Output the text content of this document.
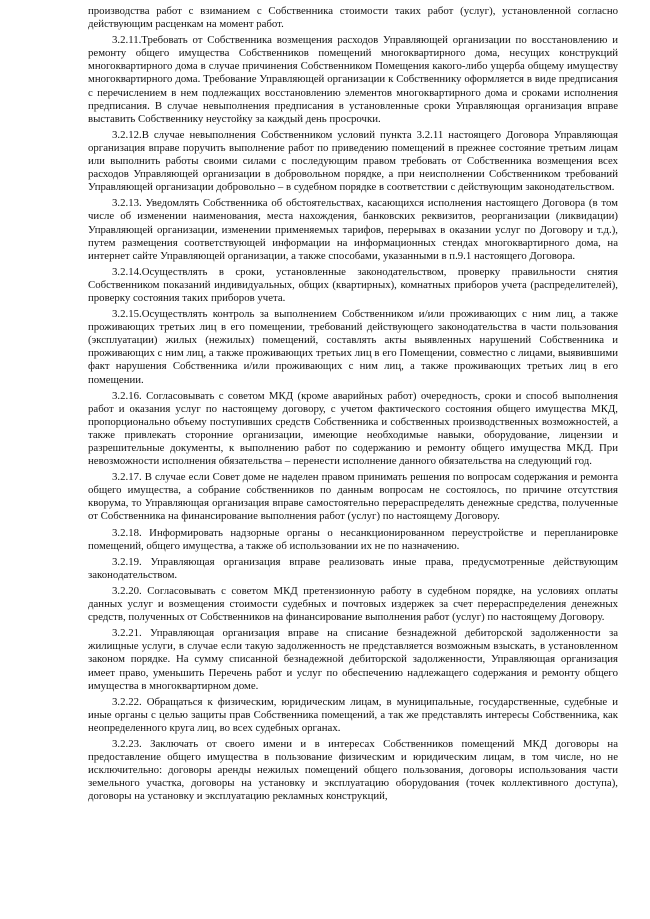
производства работ с взиманием с Собственника стоимости таких работ (услуг), установленной согласно действующим расценкам на момент работ.

3.2.11.Требовать от Собственника возмещения расходов Управляющей организации по восстановлению и ремонту общего имущества Собственников помещений многоквартирного дома, несущих конструкций многоквартирного дома в случае причинения Собственником Помещения какого-либо ущерба общему имуществу многоквартирного дома. Требование Управляющей организации к Собственнику оформляется в виде предписания с перечислением в нем подлежащих восстановлению элементов многоквартирного дома и сроками исполнения предписания. В случае невыполнения предписания в установленные сроки Управляющая организация вправе выставить Собственнику неустойку за каждый день просрочки.

3.2.12.В случае невыполнения Собственником условий пункта 3.2.11 настоящего Договора Управляющая организация вправе поручить выполнение работ по приведению помещений в прежнее состояние третьим лицам или выполнить работы своими силами с последующим правом требовать от Собственника возмещения всех расходов Управляющей организации в добровольном порядке, а при неисполнении Собственником требований Управляющей организации добровольно – в судебном порядке в соответствии с действующим законодательством.

3.2.13. Уведомлять Собственника об обстоятельствах, касающихся исполнения настоящего Договора (в том числе об изменении наименования, места нахождения, банковских реквизитов, реорганизации (ликвидации) Управляющей организации, изменении применяемых тарифов, перерывах в оказании услуг по Договору и т.д.), путем размещения соответствующей информации на информационных стендах многоквартирного дома, на интернет сайте Управляющей организации, а также способами, указанными в п.9.1 настоящего Договора.

3.2.14.Осуществлять в сроки, установленные законодательством, проверку правильности снятия Собственником показаний индивидуальных, общих (квартирных), комнатных приборов учета (распределителей), проверку состояния таких приборов учета.

3.2.15.Осуществлять контроль за выполнением Собственником и/или проживающих с ним лиц, а также проживающих третьих лиц в его помещении, требований действующего законодательства в части пользования (эксплуатации) жилых (нежилых) помещений, составлять акты выявленных нарушений Собственника и проживающих с ним лиц, а также проживающих третьих лиц в его Помещении, совместно с лицами, выявившими факт нарушения Собственника и/или проживающих с ним лиц, а также проживающих третьих лиц в его помещении.

3.2.16. Согласовывать с советом МКД (кроме аварийных работ) очередность, сроки и способ выполнения работ и оказания услуг по настоящему договору, с учетом фактического состояния общего имущества МКД, пропорционально объему поступивших средств Собственника и собственных производственных возможностей, а также привлекать сторонние организации, имеющие необходимые навыки, оборудование, лицензии и разрешительные документы, к выполнению работ по содержанию и ремонту общего имущества МКД. При невозможности исполнения обязательства – перенести исполнение данного обязательства на следующий год.

3.2.17. В случае если Совет доме не наделен правом принимать решения по вопросам содержания и ремонта общего имущества, а собрание собственников по данным вопросам не состоялось, по причине отсутствия кворума, то Управляющая организация вправе самостоятельно перераспределять денежные средства, полученные от Собственника на финансирование выполнения работ (услуг) по настоящему Договору.

3.2.18. Информировать надзорные органы о несанкционированном переустройстве и перепланировке помещений, общего имущества, а также об использовании их не по назначению.

3.2.19. Управляющая организация вправе реализовать иные права, предусмотренные действующим законодательством.

3.2.20. Согласовывать с советом МКД претензионную работу в судебном порядке, на условиях оплаты данных услуг и возмещения стоимости судебных и почтовых издержек за счет перераспределения денежных средств, полученных от Собственников на финансирование выполнения работ (услуг) по настоящему Договору.

3.2.21. Управляющая организация вправе на списание безнадежной дебиторской задолженности за жилищные услуги, в случае если такую задолженность не представляется возможным взыскать, в установленном законом порядке. На сумму списанной безнадежной дебиторской задолженности, Управляющая организация имеет право, уменьшить Перечень работ и услуг по обеспечению надлежащего содержания и ремонту общего имущества в многоквартирном доме.

3.2.22. Обращаться к физическим, юридическим лицам, в муниципальные, государственные, судебные и иные органы с целью защиты прав Собственника помещений, а так же представлять интересы Собственника, как неопределенного круга лиц, во всех судебных органах.

3.2.23. Заключать от своего имени и в интересах Собственников помещений МКД договоры на предоставление общего имущества в пользование физическим и юридическим лицам, в том числе, но не исключительно: договоры аренды нежилых помещений общего пользования, договоры использования части земельного участка, договоры на установку и эксплуатацию оборудования (точек коллективного доступа), договоры на установку и эксплуатацию рекламных конструкций,
